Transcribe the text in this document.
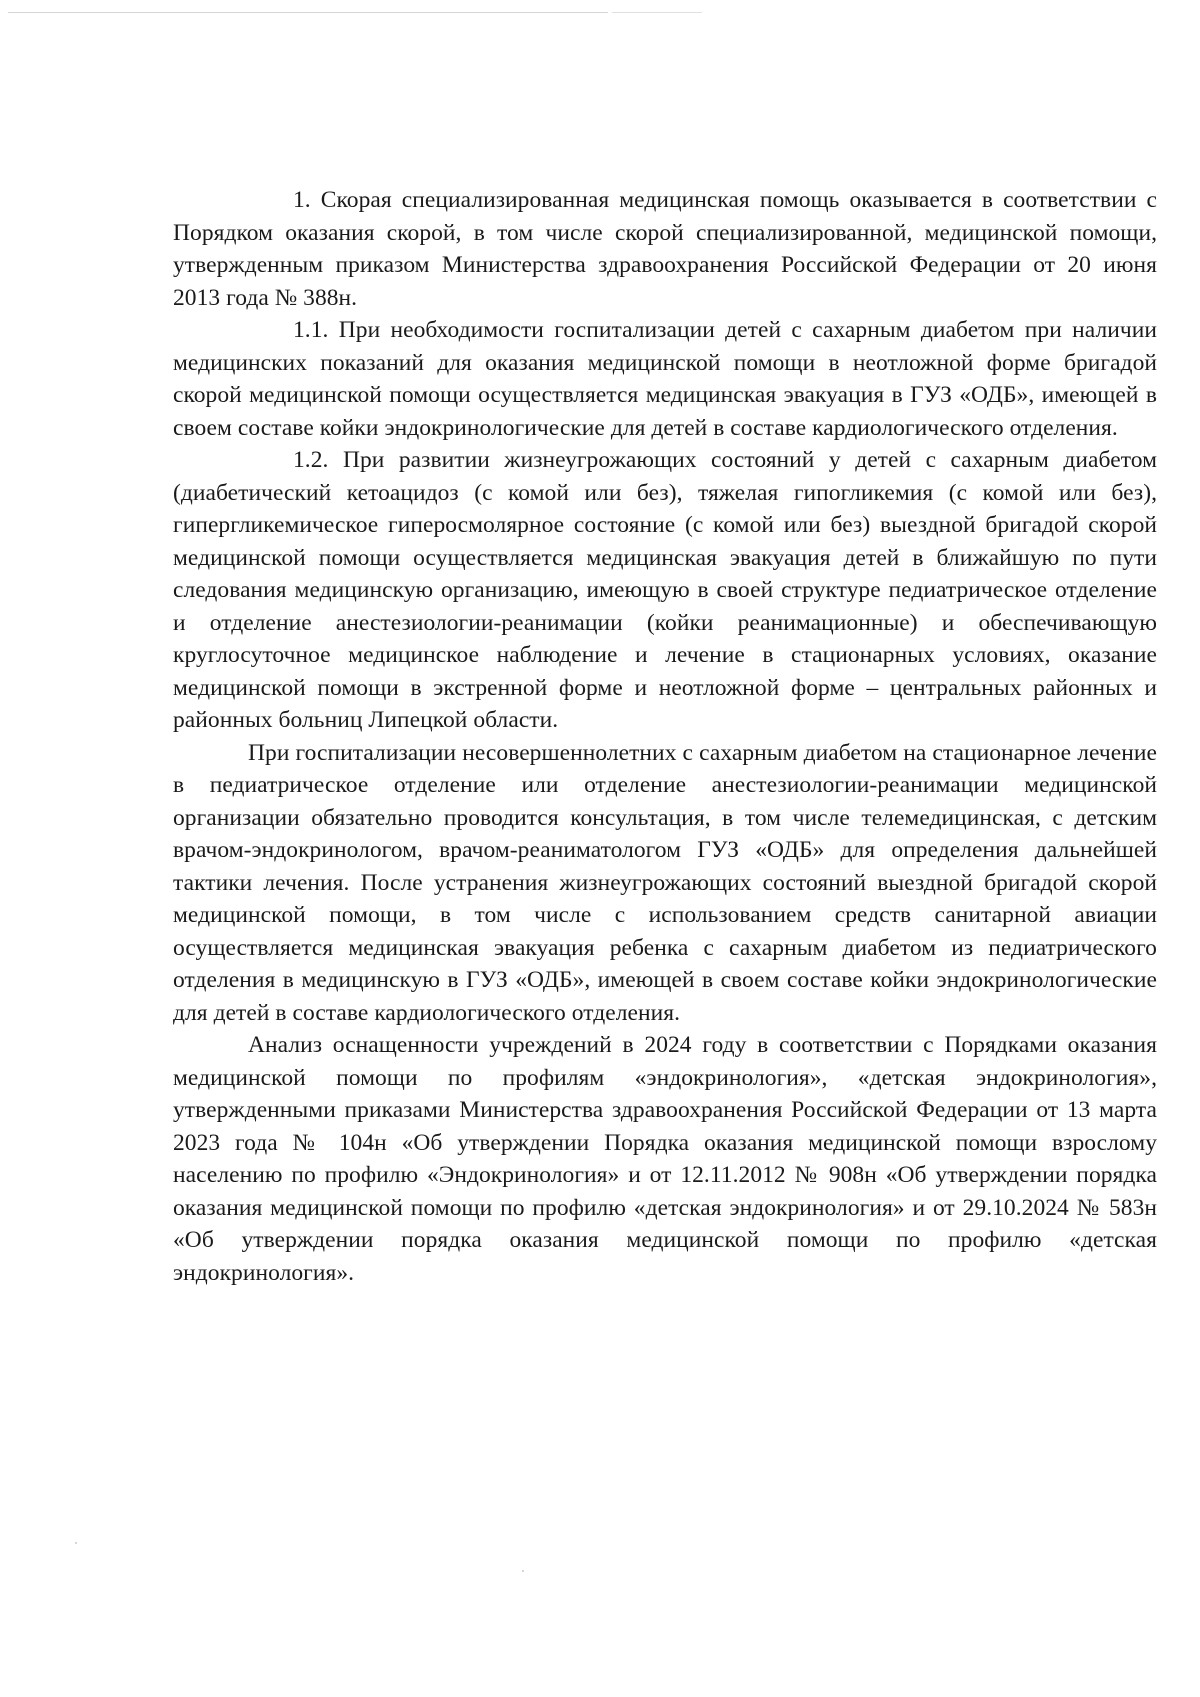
1. Скорая специализированная медицинская помощь оказывается в соответствии с Порядком оказания скорой, в том числе скорой специализированной, медицинской помощи, утвержденным приказом Министерства здравоохранения Российской Федерации от 20 июня 2013 года № 388н.

1.1. При необходимости госпитализации детей с сахарным диабетом при наличии медицинских показаний для оказания медицинской помощи в неотложной форме бригадой скорой медицинской помощи осуществляется медицинская эвакуация в ГУЗ «ОДБ», имеющей в своем составе койки эндокринологические для детей в составе кардиологического отделения.

1.2. При развитии жизнеугрожающих состояний у детей с сахарным диабетом (диабетический кетоацидоз (с комой или без), тяжелая гипогликемия (с комой или без), гипергликемическое гиперосмолярное состояние (с комой или без) выездной бригадой скорой медицинской помощи осуществляется медицинская эвакуация детей в ближайшую по пути следования медицинскую организацию, имеющую в своей структуре педиатрическое отделение и отделение анестезиологии-реанимации (койки реанимационные) и обеспечивающую круглосуточное медицинское наблюдение и лечение в стационарных условиях, оказание медицинской помощи в экстренной форме и неотложной форме – центральных районных и районных больниц Липецкой области.

При госпитализации несовершеннолетних с сахарным диабетом на стационарное лечение в педиатрическое отделение или отделение анестезиологии-реанимации медицинской организации обязательно проводится консультация, в том числе телемедицинская, с детским врачом-эндокринологом, врачом-реаниматологом ГУЗ «ОДБ» для определения дальнейшей тактики лечения. После устранения жизнеугрожающих состояний выездной бригадой скорой медицинской помощи, в том числе с использованием средств санитарной авиации осуществляется медицинская эвакуация ребенка с сахарным диабетом из педиатрического отделения в медицинскую в ГУЗ «ОДБ», имеющей в своем составе койки эндокринологические для детей в составе кардиологического отделения.

Анализ оснащенности учреждений в 2024 году в соответствии с Порядками оказания медицинской помощи по профилям «эндокринология», «детская эндокринология», утвержденными приказами Министерства здравоохранения Российской Федерации от 13 марта 2023 года № 104н «Об утверждении Порядка оказания медицинской помощи взрослому населению по профилю «Эндокринология» и от 12.11.2012 № 908н «Об утверждении порядка оказания медицинской помощи по профилю «детская эндокринология» и от 29.10.2024 № 583н «Об утверждении порядка оказания медицинской помощи по профилю «детская эндокринология».
